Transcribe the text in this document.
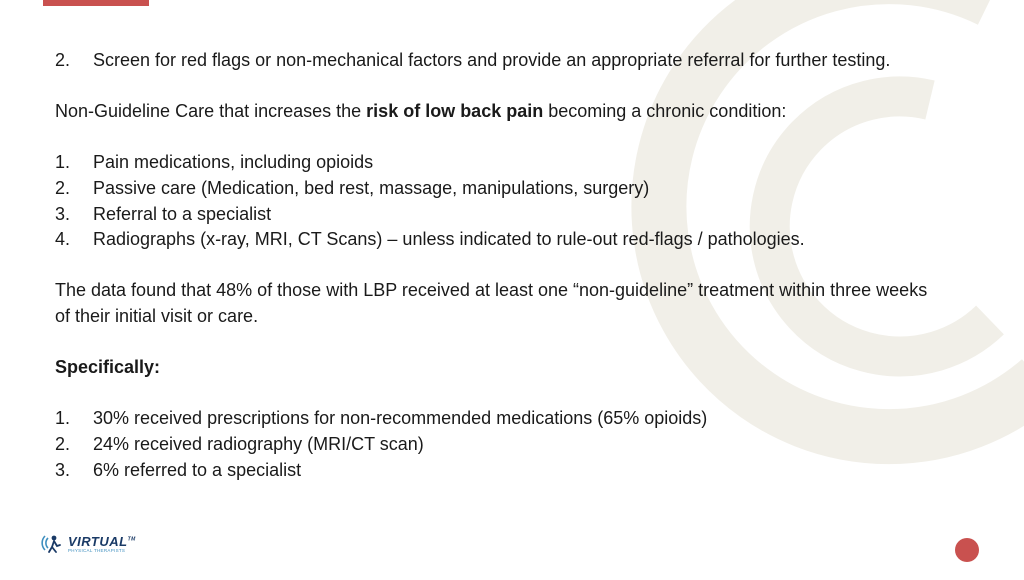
2.	Screen for red flags or non-mechanical factors and provide an appropriate referral for further testing.
Non-Guideline Care that increases the risk of low back pain becoming a chronic condition:
1.	Pain medications, including opioids
2.	Passive care (Medication, bed rest, massage, manipulations, surgery)
3.	Referral to a specialist
4.	Radiographs (x-ray, MRI, CT Scans) – unless indicated to rule-out red-flags / pathologies.
The data found that 48% of those with LBP received at least one “non-guideline” treatment within three weeks of their initial visit or care.
Specifically:
1.	30% received prescriptions for non-recommended medications (65% opioids)
2.	24% received radiography (MRI/CT scan)
3.	6% referred to a specialist
VIRTUAL™
PHYSICAL THERAPISTS
